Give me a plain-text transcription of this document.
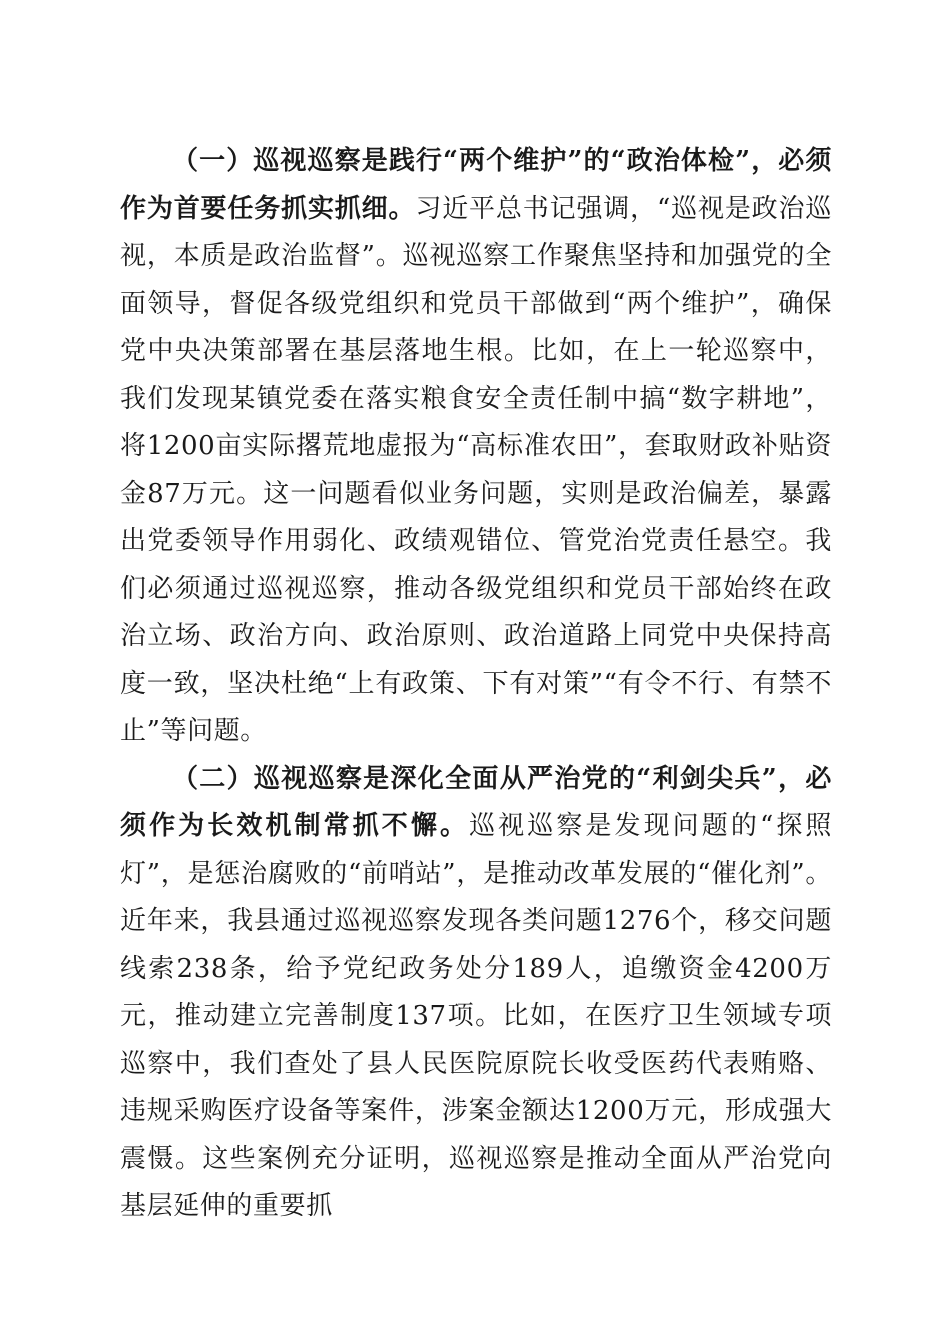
（一）巡视巡察是践行“两个维护”的“政治体检”，必须作为首要任务抓实抓细。习近平总书记强调，“巡视是政治巡视，本质是政治监督”。巡视巡察工作聚焦坚持和加强党的全面领导，督促各级党组织和党员干部做到“两个维护”，确保党中央决策部署在基层落地生根。比如，在上一轮巡察中，我们发现某镇党委在落实粮食安全责任制中搞“数字耕地”，将1200亩实际撂荒地虚报为“高标准农田”，套取财政补贴资金87万元。这一问题看似业务问题，实则是政治偏差，暴露出党委领导作用弱化、政绩观错位、管党治党责任悬空。我们必须通过巡视巡察，推动各级党组织和党员干部始终在政治立场、政治方向、政治原则、政治道路上同党中央保持高度一致，坚决杜绝“上有政策、下有对策”“有令不行、有禁不止”等问题。

（二）巡视巡察是深化全面从严治党的“利剑尖兵”，必须作为长效机制常抓不懈。巡视巡察是发现问题的“探照灯”，是惩治腐败的“前哨站”，是推动改革发展的“催化剂”。近年来，我县通过巡视巡察发现各类问题1276个，移交问题线索238条，给予党纪政务处分189人，追缴资金4200万元，推动建立完善制度137项。比如，在医疗卫生领域专项巡察中，我们查处了县人民医院原院长收受医药代表贿赂、违规采购医疗设备等案件，涉案金额达1200万元，形成强大震慑。这些案例充分证明，巡视巡察是推动全面从严治党向基层延伸的重要抓
